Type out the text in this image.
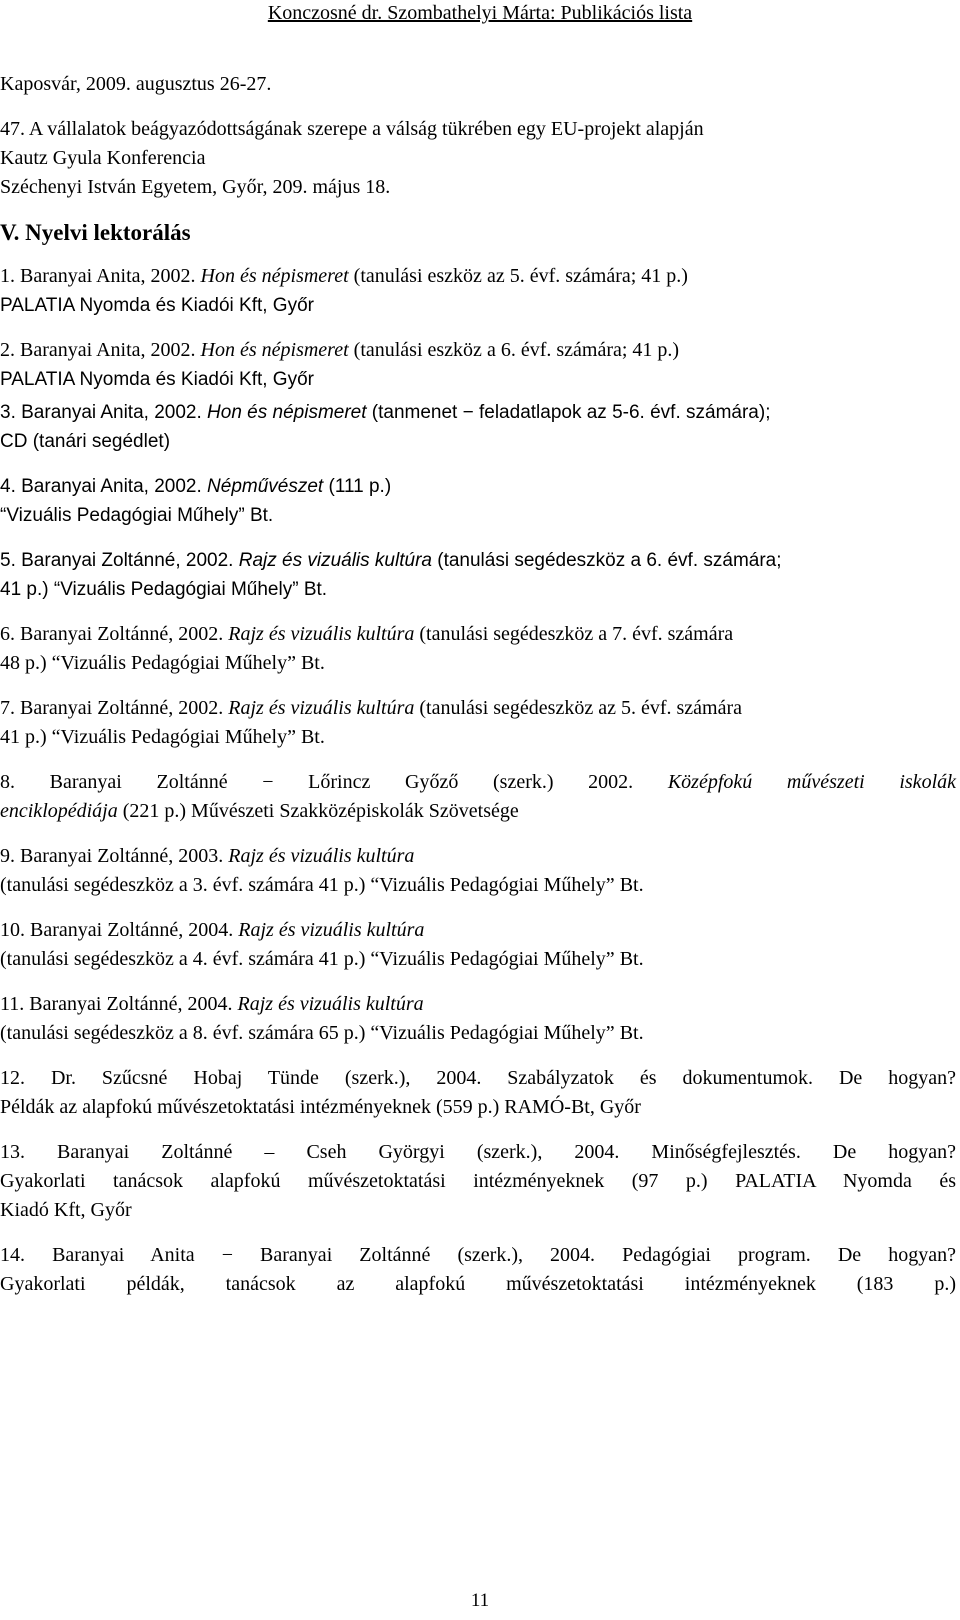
Konczosné dr. Szombathelyi Márta: Publikációs lista
Kaposvár, 2009. augusztus 26-27.
47. A vállalatok beágyazódottságának szerepe a válság tükrében egy EU-projekt alapján
Kautz Gyula Konferencia
Széchenyi István Egyetem, Győr, 209. május 18.
V. Nyelvi lektorálás
1. Baranyai Anita, 2002. Hon és népismeret (tanulási eszköz az 5. évf. számára; 41 p.)
PALATIA Nyomda és Kiadói Kft, Győr
2. Baranyai Anita, 2002. Hon és népismeret (tanulási eszköz a 6. évf. számára; 41 p.)
PALATIA Nyomda és Kiadói Kft, Győr
3. Baranyai Anita, 2002. Hon és népismeret (tanmenet − feladatlapok az 5-6. évf. számára);
CD (tanári segédlet)
4. Baranyai Anita, 2002. Népművészet (111 p.)
“Vizuális Pedagógiai Műhely” Bt.
5. Baranyai Zoltánné, 2002. Rajz és vizuális kultúra (tanulási segédeszköz a 6. évf. számára;
41 p.) “Vizuális Pedagógiai Műhely” Bt.
6. Baranyai Zoltánné, 2002. Rajz és vizuális kultúra (tanulási segédeszköz a 7. évf. számára
48 p.) “Vizuális Pedagógiai Műhely” Bt.
7. Baranyai Zoltánné, 2002. Rajz és vizuális kultúra (tanulási segédeszköz az 5. évf. számára
41 p.) “Vizuális Pedagógiai Műhely” Bt.
8. Baranyai Zoltánné − Lőrincz Győző (szerk.) 2002. Középfokú művészeti iskolák
enciklopédiája (221 p.) Művészeti Szakközépiskolák Szövetsége
9. Baranyai Zoltánné, 2003. Rajz és vizuális kultúra
(tanulási segédeszköz a 3. évf. számára 41 p.) “Vizuális Pedagógiai Műhely” Bt.
10. Baranyai Zoltánné, 2004. Rajz és vizuális kultúra
(tanulási segédeszköz a 4. évf. számára 41 p.) “Vizuális Pedagógiai Műhely” Bt.
11. Baranyai Zoltánné, 2004. Rajz és vizuális kultúra
(tanulási segédeszköz a 8. évf. számára 65 p.) “Vizuális Pedagógiai Műhely” Bt.
12. Dr. Szűcsné Hobaj Tünde (szerk.), 2004. Szabályzatok és dokumentumok. De hogyan?
Példák az alapfokú művészetoktatási intézményeknek (559 p.) RAMÓ-Bt, Győr
13. Baranyai Zoltánné – Cseh Györgyi (szerk.), 2004. Minőségfejlesztés. De hogyan?
Gyakorlati tanácsok alapfokú művészetoktatási intézményeknek (97 p.) PALATIA Nyomda és
Kiadó Kft, Győr
14. Baranyai Anita − Baranyai Zoltánné (szerk.), 2004. Pedagógiai program. De hogyan?
Gyakorlati példák, tanácsok az alapfokú művészetoktatási intézményeknek (183 p.)
11
